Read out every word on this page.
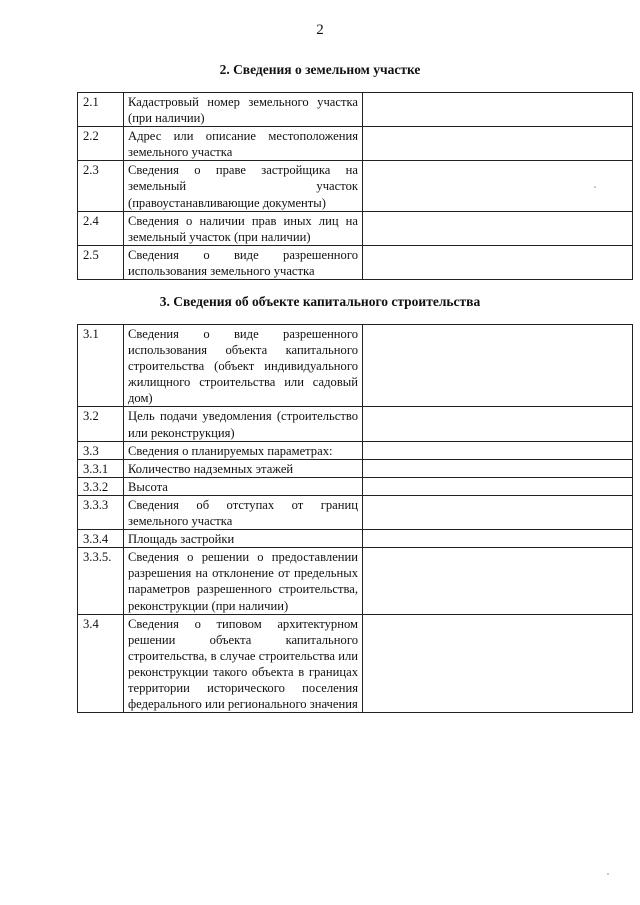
2
2. Сведения о земельном участке
2.1	Кадастровый номер земельного участка (при наличии)	
2.2	Адрес или описание местоположения земельного участка	
2.3	Сведения о праве застройщика на земельный участок (правоустанавливающие документы)	
2.4	Сведения о наличии прав иных лиц на земельный участок (при наличии)	
2.5	Сведения о виде разрешенного использования земельного участка	
3. Сведения об объекте капитального строительства
3.1	Сведения о виде разрешенного использования объекта капитального строительства (объект индивидуального жилищного строительства или садовый дом)	
3.2	Цель подачи уведомления (строительство или реконструкция)	
3.3	Сведения о планируемых параметрах:	
3.3.1	Количество надземных этажей	
3.3.2	Высота	
3.3.3	Сведения об отступах от границ земельного участка	
3.3.4	Площадь застройки	
3.3.5.	Сведения о решении о предоставлении разрешения на отклонение от предельных параметров разрешенного строительства, реконструкции (при наличии)	
3.4	Сведения о типовом архитектурном решении объекта капитального строительства, в случае строительства или реконструкции такого объекта в границах территории исторического поселения федерального или регионального значения	
